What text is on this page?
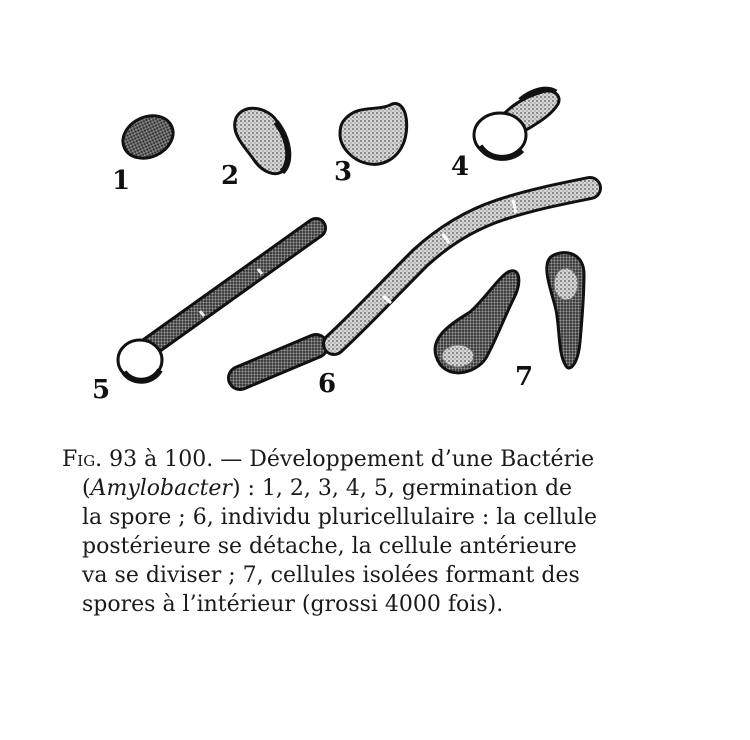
1	2	3	4
5	6	7
Fig. 93 à 100. — Développement d’une Bactérie
(Amylobacter) : 1, 2, 3, 4, 5, germination de
la spore ; 6, individu pluricellulaire : la cellule
postérieure se détache, la cellule antérieure
va se diviser ; 7, cellules isolées formant des
spores à l’intérieur (grossi 4000 fois).
